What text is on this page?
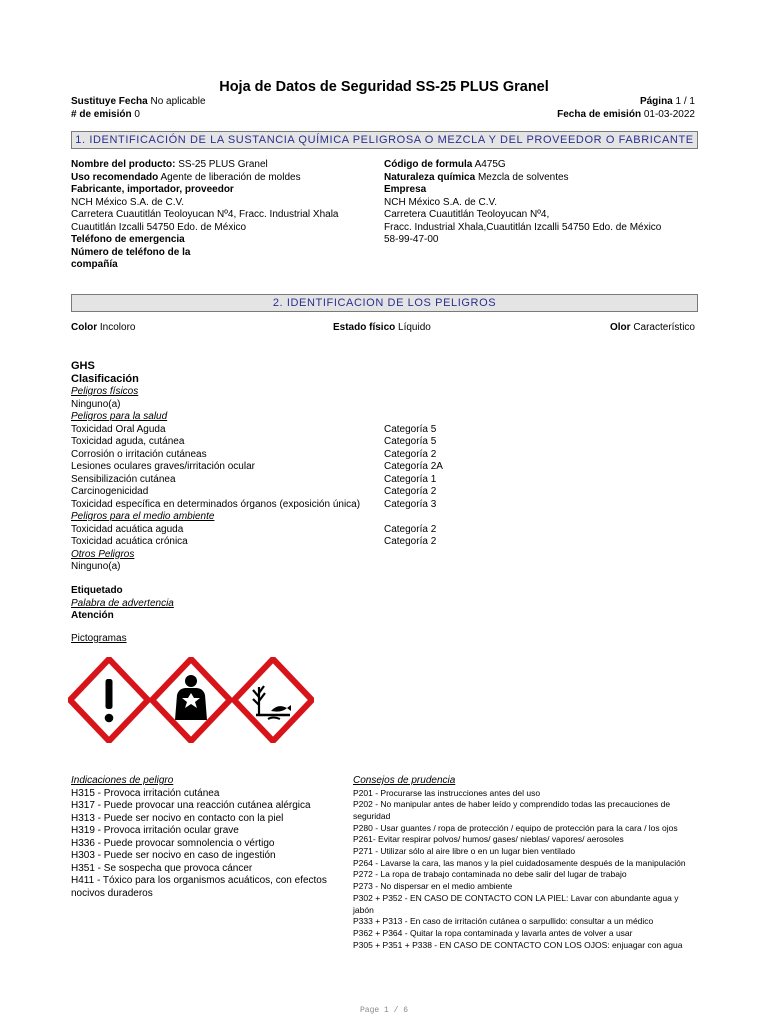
Hoja de Datos de Seguridad SS-25 PLUS Granel
Sustituye Fecha No aplicable
# de emisión 0
Página 1 / 1
Fecha de emisión 01-03-2022
1. IDENTIFICACIÓN DE LA SUSTANCIA QUÍMICA PELIGROSA O MEZCLA Y DEL PROVEEDOR O FABRICANTE
Nombre del producto: SS-25 PLUS Granel
Uso recomendado Agente de liberación de moldes
Fabricante, importador, proveedor
NCH México S.A. de C.V.
Carretera Cuautitlán Teoloyucan Nº4, Fracc. Industrial Xhala
Cuautitlán Izcalli 54750 Edo. de México
Teléfono de emergencia
Número de teléfono de la
compañía
Código de formula A475G
Naturaleza química Mezcla de solventes
Empresa
NCH México S.A. de C.V.
Carretera Cuautitlán Teoloyucan Nº4,
Fracc. Industrial Xhala,Cuautitlán Izcalli 54750 Edo. de México
58-99-47-00
2. IDENTIFICACION DE LOS PELIGROS
Color Incoloro	Estado físico Líquido	Olor Característico
GHS
Clasificación
Peligros físicos
Ninguno(a)
Peligros para la salud
Toxicidad Oral Aguda	Categoría 5
Toxicidad aguda, cutánea	Categoría 5
Corrosión o irritación cutáneas	Categoría 2
Lesiones oculares graves/irritación ocular	Categoría 2A
Sensibilización cutánea	Categoría 1
Carcinogenicidad	Categoría 2
Toxicidad específica en determinados órganos (exposición única) Categoría 3
Peligros para el medio ambiente
Toxicidad acuática aguda	Categoría 2
Toxicidad acuática crónica	Categoría 2
Otros Peligros
Ninguno(a)
Etiquetado
Palabra de advertencia
Atención
Pictogramas
Indicaciones de peligro
H315 - Provoca irritación cutánea
H317 - Puede provocar una reacción cutánea alérgica
H313 - Puede ser nocivo en contacto con la piel
H319 - Provoca irritación ocular grave
H336 - Puede provocar somnolencia o vértigo
H303 - Puede ser nocivo en caso de ingestión
H351 - Se sospecha que provoca cáncer
H411 - Tóxico para los organismos acuáticos, con efectos
nocivos duraderos
Consejos de prudencia
P201 - Procurarse las instrucciones antes del uso
P202 - No manipular antes de haber leído y comprendido todas las precauciones de
seguridad
P280 - Usar guantes / ropa de protección / equipo de protección para la cara / los ojos
P261- Evitar respirar polvos/ humos/ gases/ nieblas/ vapores/ aerosoles
P271 - Utilizar sólo al aire libre o en un lugar bien ventilado
P264 - Lavarse la cara, las manos y la piel cuidadosamente después de la manipulación
P272 - La ropa de trabajo contaminada no debe salir del lugar de trabajo
P273 - No dispersar en el medio ambiente
P302 + P352 - EN CASO DE CONTACTO CON LA PIEL: Lavar con abundante agua y
jabón
P333 + P313 - En caso de irritación cutánea o sarpullido: consultar a un médico
P362 + P364 - Quitar la ropa contaminada y lavarla antes de volver a usar
P305 + P351 + P338 - EN CASO DE CONTACTO CON LOS OJOS: enjuagar con agua
Page 1 / 6
